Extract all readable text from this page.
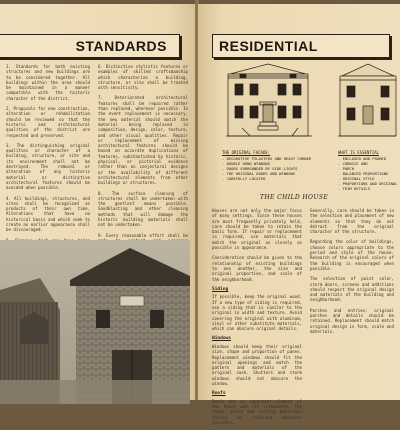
STANDARDS

1. Standards for both existing structures and new buildings are to be considered together. All buildings within the area should be maintained in a manner compatible with the historic character of the district.

2. Proposals for new construction, alteration or rehabilitation should be reviewed so that the historic and architectural qualities of the district are respected and preserved.

3. The distinguishing original qualities or character of a building, structure, or site and its environment shall not be destroyed. The removal or alteration of any historic material or distinctive architectural features should be avoided when possible.

4. All buildings, structures, and sites shall be recognized as products of their own time. Alterations that have no historical basis and which seek to create an earlier appearance shall be discouraged.

6. Distinctive stylistic features or examples of skilled craftsmanship which characterize a building, structure, or site shall be treated with sensitivity.

7. Deteriorated architectural features shall be repaired rather than replaced, wherever possible. In the event replacement is necessary, the new material should match the material being replaced in composition, design, color, texture, and other visual qualities. Repair or replacement of missing architectural features should be based on accurate duplications of features, substantiated by historic, physical, or pictorial evidence rather than on conjectural designs or the availability of different architectural elements from other buildings or structures.

8. The surface cleaning of structures shall be undertaken with the gentlest means possible. Sandblasting and other cleaning methods that will damage the historic building materials shall not be undertaken.

9. Every reasonable effort shall be

RESIDENTIAL
THE ORIGINAL FACADE:
- DECORATIVE PILASTERS AND HEAVY CORNER
- DOUBLE HUNG WINDOWS
- DOORS SURROUNDED BY SIDE-LIGHTS
- THE ORIGINAL DOORS AND WINDOWS
- CAREFULLY LOCATED
WHAT IS ESSENTIAL
- ENCLOSED AND FRAMED
- CORNICE AND
- PORCH
- BALANCED PROPORTIONS
- ORIGINAL STYLE
- PROPORTIONS AND ORIGINAL
- TRIM DETAILS
THE CHILD HOUSE

Houses are not only the major focus of many settings. Since these houses are most frequently privately held, care should be taken to retain the basic form. If repair or replacement is required, use materials that match the original as closely as possible in appearance.

Consideration should be given to the relationship of existing buildings to one another, the size and original proportion, and scale of the neighborhood.

Siding

If possible, keep the original wood. If a new type of siding is required, use a siding that is similar to the original in width and texture. Avoid covering the original with aluminum, vinyl or other substitute materials, which can obscure original details.

Windows

Windows should keep their original size, shape and proportion of panes. Replacement windows should fit the original openings and match the pattern and materials of the original sash. Shutters and storm windows should not obscure the window.

Roofs

Roofs are an important element of the house and its silhouette. The shape, pitch and roofing materials should be retained wherever possible.

Generally, care should be taken in the selection and placement of new elements so that they do not detract from the original character of the structure.

Regarding the color of buildings, choose colors appropriate to the period and style of the house. Research of the original colors of the building is encouraged when possible.

The selection of paint color, storm doors, screens and additions should respect the original design and materials of the building and neighborhood.

Porches and entries: original porches and details should be retained. Replacement should match original design in form, scale and materials.
